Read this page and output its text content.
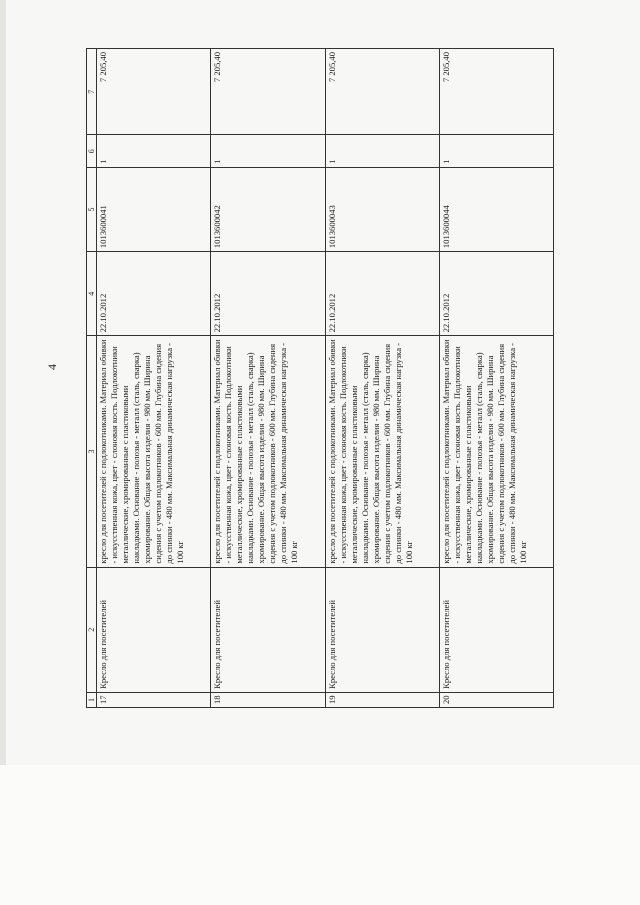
4
1	2	3	4	5	6	7
17	Кресло для посетителей	кресло для посетителей с подлокотниками. Материал обивки - искусственная кожа, цвет - слоновая кость. Подлокотники металлические, хромированные с пластиковыми накладками. Основание - полозья - металл (сталь, сварка) хромирование. Общая высота изделия - 980 мм. Ширина сидения с учетом подлокотников - 600 мм. Глубина сидения до спинки - 480 мм. Максимальная динамическая нагрузка - 100 кг	22.10.2012	1013600041	1	7 205,40
18	Кресло для посетителей	кресло для посетителей с подлокотниками. Материал обивки - искусственная кожа, цвет - слоновая кость. Подлокотники металлические, хромированные с пластиковыми накладками. Основание - полозья - металл (сталь, сварка) хромирование. Общая высота изделия - 980 мм. Ширина сидения с учетом подлокотников - 600 мм. Глубина сидения до спинки - 480 мм. Максимальная динамическая нагрузка - 100 кг	22.10.2012	1013600042	1	7 205,40
19	Кресло для посетителей	кресло для посетителей с подлокотниками. Материал обивки - искусственная кожа, цвет - слоновая кость. Подлокотники металлические, хромированные с пластиковыми накладками. Основание - полозья - металл (сталь, сварка) хромирование. Общая высота изделия - 980 мм. Ширина сидения с учетом подлокотников - 600 мм. Глубина сидения до спинки - 480 мм. Максимальная динамическая нагрузка - 100 кг	22.10.2012	1013600043	1	7 205,40
20	Кресло для посетителей	кресло для посетителей с подлокотниками. Материал обивки - искусственная кожа, цвет - слоновая кость. Подлокотники металлические, хромированные с пластиковыми накладками. Основание - полозья - металл (сталь, сварка) хромирование. Общая высота изделия - 980 мм. Ширина сидения с учетом подлокотников - 600 мм. Глубина сидения до спинки - 480 мм. Максимальная динамическая нагрузка - 100 кг	22.10.2012	1013600044	1	7 205,40
